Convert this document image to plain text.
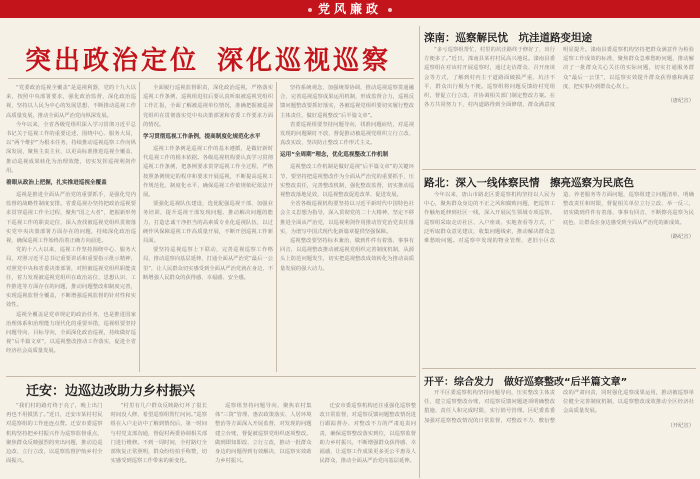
党风廉政
突出政治定位 深化巡视巡察

“党委政治巡视全覆盖”是巡视利器，党的十九大以来，按照中央部署要求，强化政治监督，深化政治巡视，坚持以人民为中心的发展思想，不断推动巡视工作高质量发展，推动全面从严治党向纵深发展。

今年以来，全省各级党组织深入学习贯彻习近平总书记关于巡视工作的重要论述，围绕中心、服务大局，以“两个维护”为根本任务，持续推动巡视巡察工作向纵深发展，聚焦主责主业，以更高标准推进巡视全覆盖，推动巡视成果转化为治理效能，切实发挥巡视利剑作用。

着眼从政治上把握，扎实推进巡视全覆盖

巡视是推进全面从严治党的重要抓手，是强化党内监督的战略性制度安排。省委巡视办坚持把政治巡视要求贯穿巡视工作全过程，聚焦“国之大者”，把握新形势下巡视工作的职责定位，深入查找被巡视党组织贯彻落实党中央决策部署方面存在的问题，持续深化政治巡视，确保巡视工作始终沿着正确方向前进。

党的十八大以来，巡视工作坚持围绕中心、服务大局，对照习近平总书记重要讲话和重要指示批示精神，对照党中央和省委决策部署，对照被巡视党组织职能责任，着力发现被巡视党组织在政治站位、思想认识、工作推进等方面存在的问题，推动问题整改和制度完善，实现巡视监督全覆盖，不断增强巡视监督的针对性和实效性。

巡视全覆盖是党章规定的政治任务，也是推进国家治理体系和治理能力现代化的重要举措，巡视组要坚持问题导向、目标导向，全面深化政治巡视，持续做好巡视“后半篇文章”，以巡视整改推动工作落实，促进全省经济社会高质量发展。

全面履行巡视监督职责，深化政治巡视，严格落实巡视工作条例，巡视组进驻后要认真听取被巡视党组织工作汇报，全面了解被巡视单位情况，准确把握被巡视党组织在贯彻落实党中央决策部署和省委工作要求方面的情况。

学习贯彻巡视工作条例，提高制度化规范化水平

巡视工作条例是巡视工作的基本遵循，是做好新时代巡视工作的根本依据。各级巡视机构要认真学习贯彻巡视工作条例，把条例要求贯穿巡视工作全过程，严格按照条例规定的程序和要求开展巡视，不断提高巡视工作规范化、制度化水平，确保巡视工作依规依纪依法开展。

要强化巡视队伍建设，选优配强巡视干部，加强业务培训，提升巡视干部发现问题、推动解决问题的能力，打造忠诚干净担当的高素质专业化巡视队伍，以过硬作风保障巡视工作高质量开展，不断开创巡视工作新局面。

要坚持巡视巡察上下联动，完善巡视巡察工作格局，推动巡察向基层延伸，打通全面从严治党“最后一公里”，让人民群众切实感受到全面从严治党就在身边，不断增强人民群众的获得感、幸福感、安全感。

坚持系统观念，加强统筹协调，推动巡视巡察贯通融合，完善巡视巡察成果运用机制，形成监督合力，巡视反馈问题整改要抓好落实，各被巡视党组织要切实履行整改主体责任，做好巡视整改“后半篇文章”。

省委巡视组要坚持问题导向，找准问题症结，对巡视发现的问题紧盯不放，督促推动被巡视党组织立行立改、真改实改，坚决防止整改工作形式主义。

运用“全周期”理念，优化巡视整改工作机制

巡视整改工作机制是做好巡视“后半篇文章”的关键环节，要坚持把巡视整改作为全面从严治党的重要抓手，压实整改责任，完善整改机制，强化整改监督，切实推动巡视整改落地见效，以巡视整改促进改革、促进发展。

全省各级巡视机构要坚持以习近平新时代中国特色社会主义思想为指导，深入贯彻党的二十大精神，坚定不移推进全面从严治党，以巡视利剑作用推动管党治党责任落实，为谱写中国式现代化新篇章提供坚强保障。

巡视整改要坚持标本兼治，做到件件有着落、事事有回音，以巡视整改推动被巡视党组织完善制度机制，从源头上防范问题发生，切实把巡视整改成效转化为推动高质量发展的强大动力。

滦南：巡察解民忧　坑洼道路变坦途

“多亏巡察组帮忙，村里的坑洼路终于修好了，出行方便多了。”近日，滦南县某村村民高兴地说。滦南县委巡察组在对该村开展巡察时，通过走访群众、召开座谈会等方式，了解到村内主干道路面破损严重、坑洼不平，群众出行极为不便。巡察组将问题反馈给村党组织，督促立行立改，并协调相关部门制定整改方案。在各方共同努力下，村内道路得到全面修缮，群众满意度明显提升。滦南县委巡察机构坚持把群众满意作为检验巡察工作成效的标准，聚焦群众急难愁盼问题，推动解决了一批群众关心关注的实际问题，切实打通服务群众“最后一公里”，以巡察实效提升群众获得感和满意度，把实事办到群众心坎上。

（唐纪宣）

路北：深入一线体察民情　擦亮巡察为民底色

今年以来，唐山市路北区委巡察机构坚持以人民为中心，聚焦群众身边的不正之风和腐败问题，把巡察工作触角延伸到社区一线，深入开展民生领域专项巡察。巡察组采取走访社区、入户座谈、实地查看等方式，广泛听取群众意见建议，收集问题线索，推动解决群众急难愁盼问题。对巡察中发现的物业管理、老旧小区改造、养老服务等方面问题，巡察组建立问题清单，明确整改责任和时限，督促相关单位立行立改、举一反三，切实做到件件有着落、事事有回音，不断擦亮巡察为民底色，让群众在身边感受到全面从严治党的新成效。

（路纪宣）

开平：综合发力　做好巡察整改“后半篇文章”

开平区委巡察机构坚持问题导向，压实整改主体责任，建立巡察整改台账，对巡察反馈问题逐项明确整改措施、责任人和完成时限，实行销号管理。区纪委监委加强对巡察整改情况的日常监督，对整改不力、敷衍整改的严肃问责，同时强化巡察成果运用，推动被巡察单位健全完善制度机制，以巡察整改成效推动全区经济社会高质量发展。

（开纪宣）

迁安：边巡边改助力乡村振兴

“我们村的路灯终于亮了，晚上出门再也不用摸黑了。”近日，迁安市某村村民对巡察组的工作连连点赞。迁安市委巡察机构坚持把乡村振兴作为巡察监督重点，聚焦群众反映强烈的突出问题，推动边巡边改、立行立改，以巡察监督护航乡村全面振兴。

“村里有几户群众反映路灯坏了很长时间没人修，希望巡察组帮忙问问。”巡察组在入户走访中了解到情况后，第一时间与村党支部沟通，督促村两委协调相关部门进行维修。不到一周时间，全村路灯全部恢复正常照明，群众纷纷拍手称赞，切实感受到巡察工作带来的新变化。

巡察组坚持问题导向，聚焦农村集体“三资”管理、惠农政策落实、人居环境整治等方面深入开展监督，对发现的问题建立台账，督促被巡察党组织逐项整改，做到即知即改、立行立改，推动一批群众身边的问题得到有效解决，以巡察实效助力乡村振兴。

迁安市委巡察机构还注重强化巡察整改日常监督，对巡察反馈问题整改情况进行跟踪督办，对整改不力的严肃追责问责，确保巡察整改落实到位，以巡察监督助力乡村振兴，不断增强群众获得感、幸福感，让巡察工作成果更多更公平惠及人民群众，推动全面从严治党向基层延伸。
